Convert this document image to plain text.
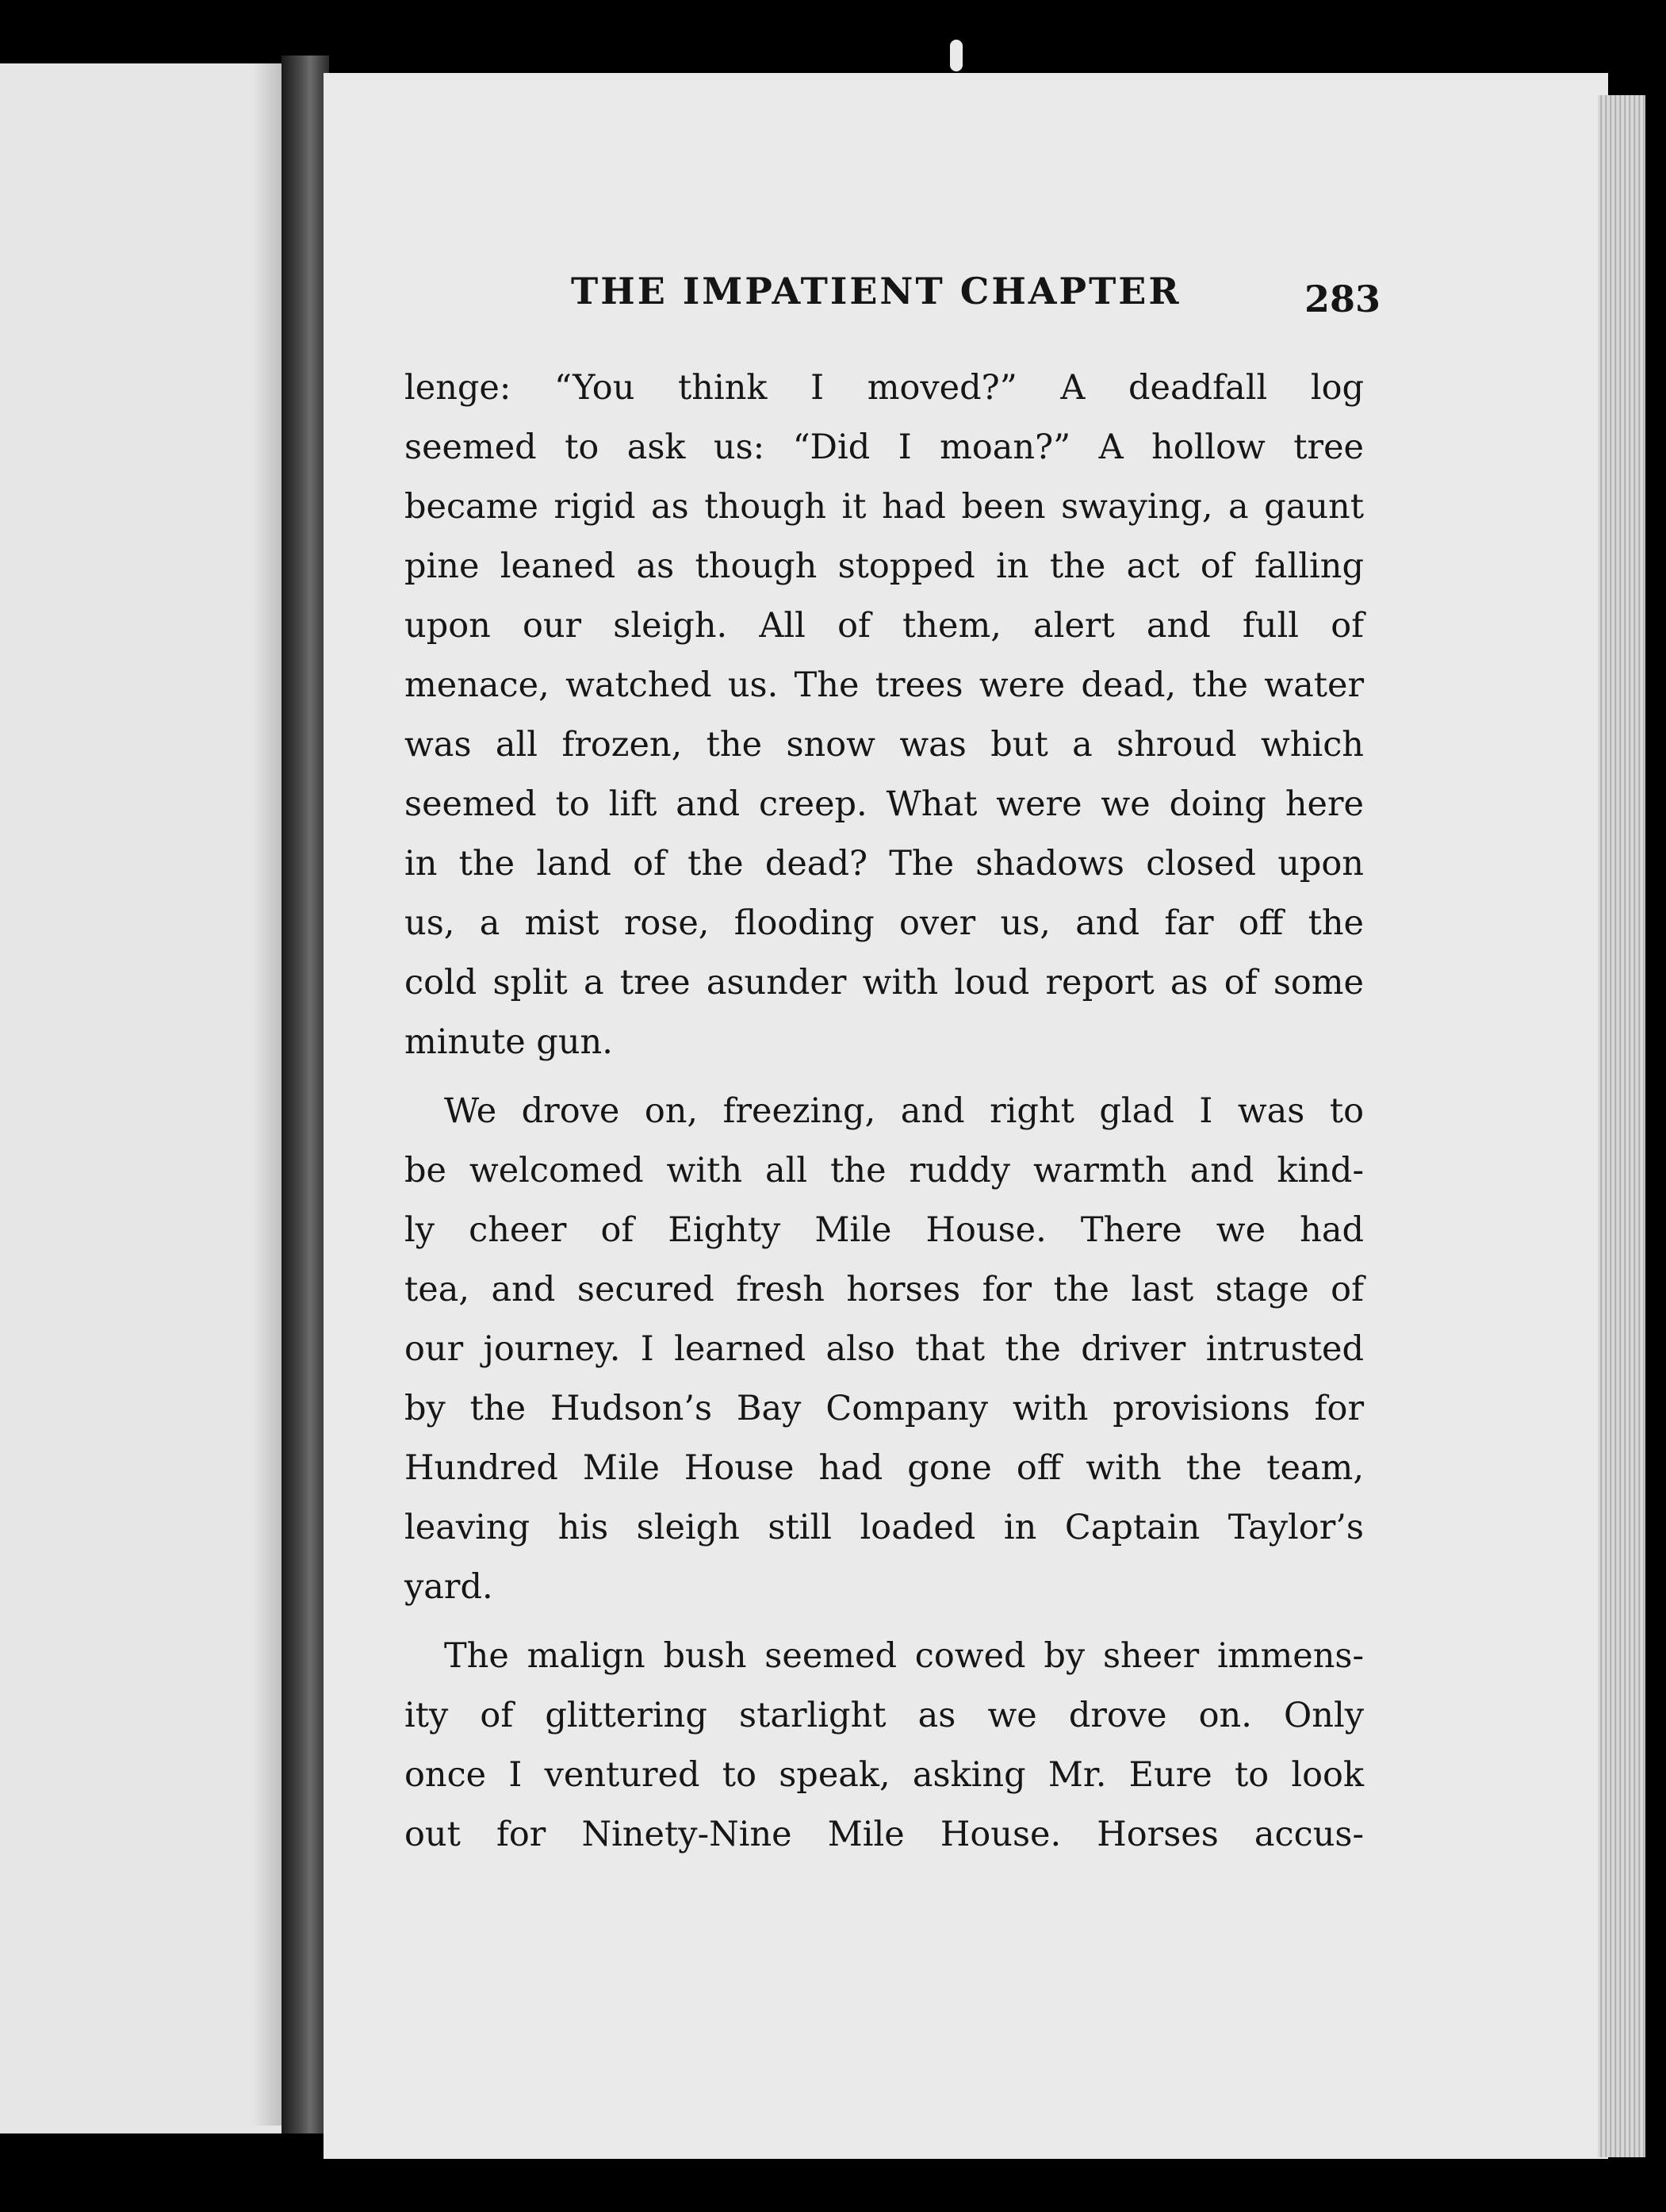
THE IMPATIENT CHAPTER	283
lenge: “You think I moved?” A deadfall log
seemed to ask us: “Did I moan?” A hollow tree
became rigid as though it had been swaying, a gaunt
pin⁣e leaned as though stopped in the act of falling
upon our sleigh. All of them, alert and full of
menace, watched us. The trees were dead, the water
was all frozen, the snow was but a shroud which
seemed to lift and creep. What were we doing here
in the land of the dead? The shadows closed upon
us, a mist rose, flooding over us, and far off the
cold split a tree asunder with loud report as of some
minute gun.
We drove on, freezing, and right glad I was to
be welcomed with all the ruddy warmth and kind-
ly cheer of Eighty Mile House. There we had
tea, and secured fresh horses for the last stage of
our journey. I learned also that the driver intrusted
by the Hudson’s Bay Company with provisions for
Hundred Mile House had gone off with the team,
leaving his sleigh still loaded in Captain Taylor’s
yard.
The malign bush seemed cowed by sheer immens-
ity of glittering starlight as we drove on. Only
once I ventured to speak, asking Mr. Eure to look
out for Ninety-Nine Mile House. Horses accus-
